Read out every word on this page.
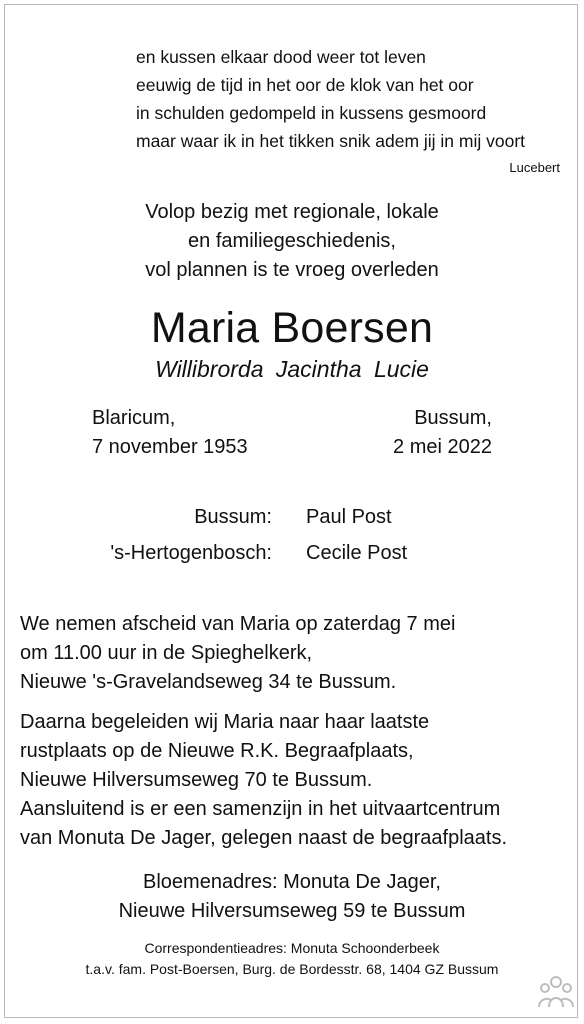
en kussen elkaar dood weer tot leven
eeuwig de tijd in het oor de klok van het oor
in schulden gedompeld in kussens gesmoord
maar waar ik in het tikken snik adem jij in mij voort
Lucebert
Volop bezig met regionale, lokale
en familiegeschiedenis,
vol plannen is te vroeg overleden
Maria Boersen
Willibrorda Jacintha Lucie
Blaricum,
7 november 1953
Bussum,
2 mei 2022
Bussum: Paul Post
's-Hertogenbosch: Cecile Post
We nemen afscheid van Maria op zaterdag 7 mei
om 11.00 uur in de Spieghelkerk,
Nieuwe 's-Gravelandseweg 34 te Bussum.
Daarna begeleiden wij Maria naar haar laatste
rustplaats op de Nieuwe R.K. Begraafplaats,
Nieuwe Hilversumseweg 70 te Bussum.
Aansluitend is er een samenzijn in het uitvaartcentrum
van Monuta De Jager, gelegen naast de begraafplaats.
Bloemenadres: Monuta De Jager,
Nieuwe Hilversumseweg 59 te Bussum
Correspondentieadres: Monuta Schoonderbeek
t.a.v. fam. Post-Boersen, Burg. de Bordesstr. 68, 1404 GZ Bussum
